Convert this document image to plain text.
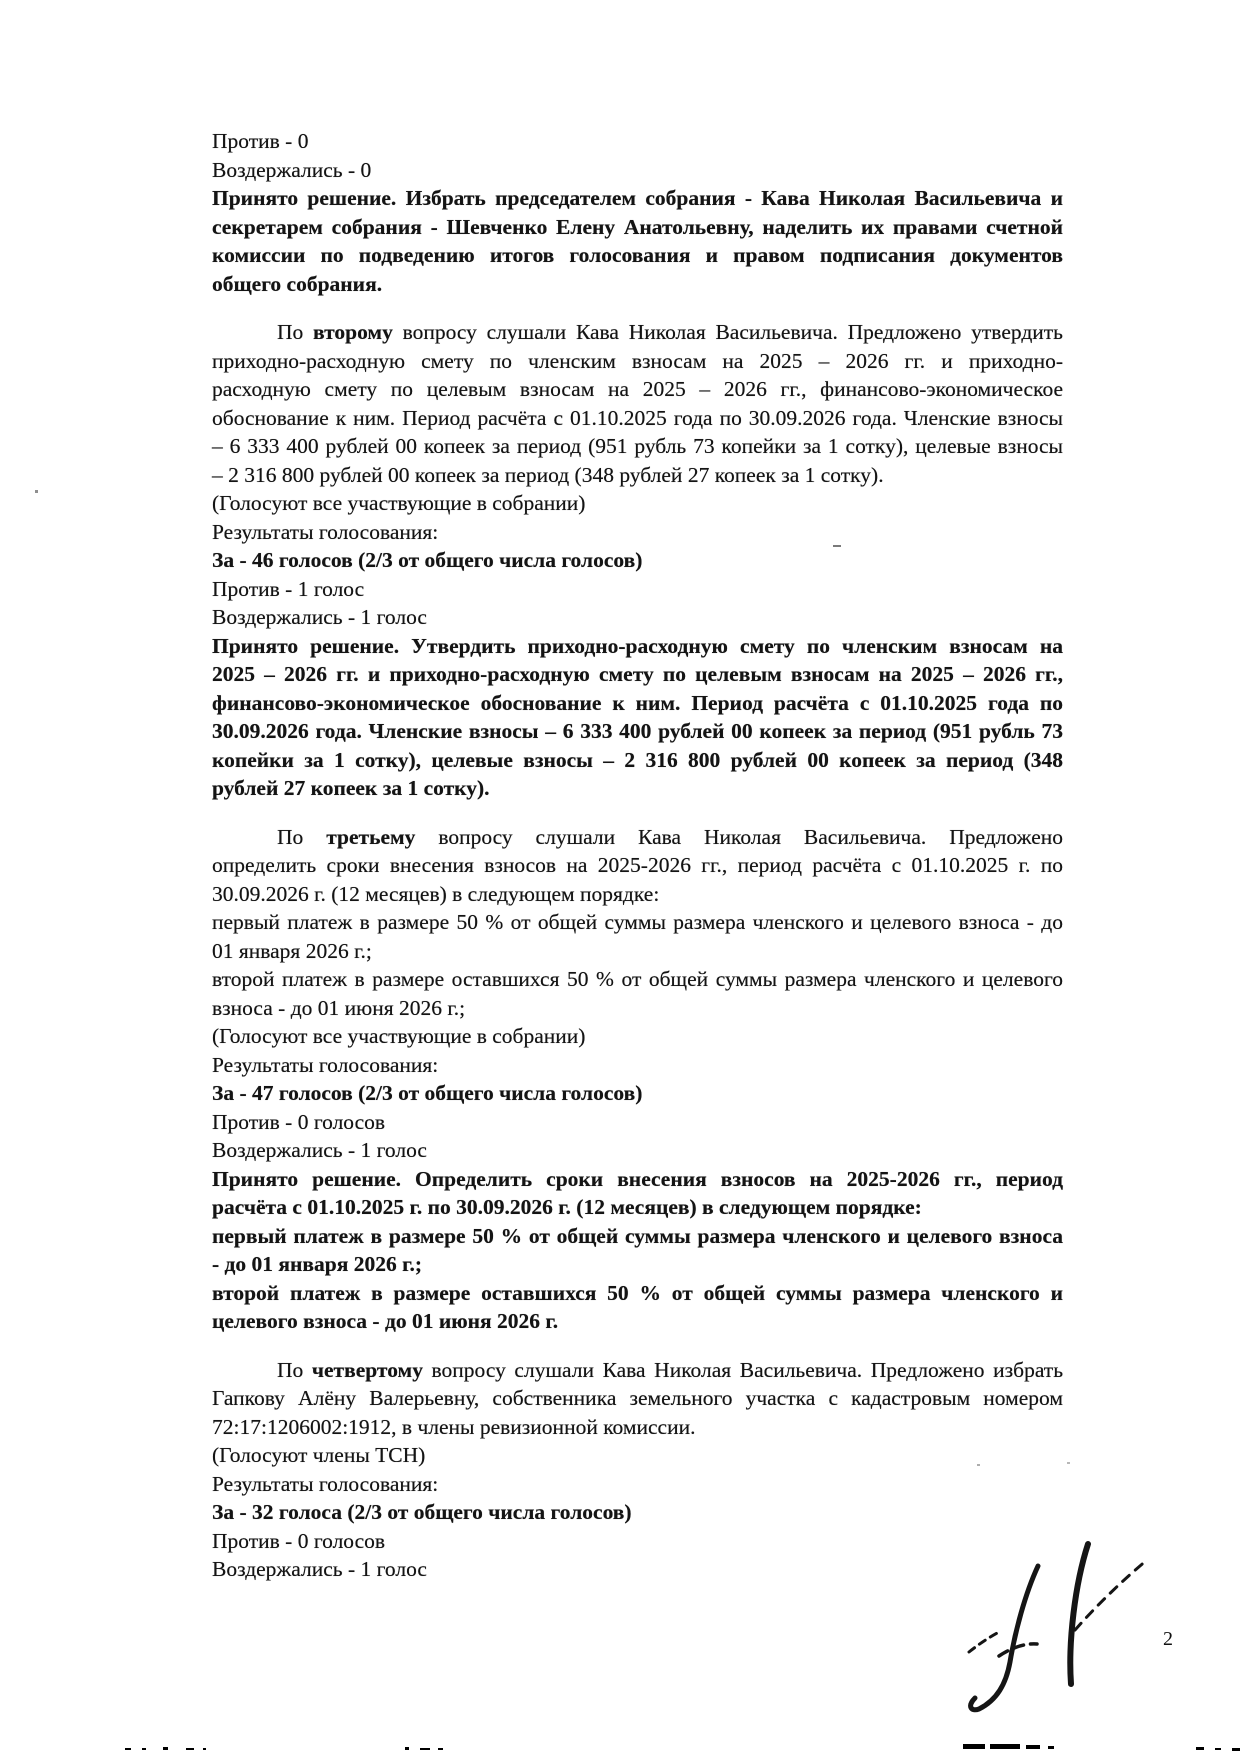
Против - 0
Воздержались - 0
Принято решение. Избрать председателем собрания - Кава Николая Васильевича и
секретарем собрания - Шевченко Елену Анатольевну, наделить их правами счетной
комиссии по подведению итогов голосования и правом подписания документов
общего собрания.
По второму вопросу слушали Кава Николая Васильевича. Предложено утвердить
приходно-расходную смету по членским взносам на 2025 – 2026 гг. и приходно-
расходную смету по целевым взносам на 2025 – 2026 гг., финансово-экономическое
обоснование к ним. Период расчёта с 01.10.2025 года по 30.09.2026 года. Членские взносы
– 6 333 400 рублей 00 копеек за период (951 рубль 73 копейки за 1 сотку), целевые взносы
– 2 316 800 рублей 00 копеек за период (348 рублей 27 копеек за 1 сотку).
(Голосуют все участвующие в собрании)
Результаты голосования:
За - 46 голосов (2/3 от общего числа голосов)
Против - 1 голос
Воздержались - 1 голос
Принято решение. Утвердить приходно-расходную смету по членским взносам на
2025 – 2026 гг. и приходно-расходную смету по целевым взносам на 2025 – 2026 гг.,
финансово-экономическое обоснование к ним. Период расчёта с 01.10.2025 года по
30.09.2026 года. Членские взносы – 6 333 400 рублей 00 копеек за период (951 рубль 73
копейки за 1 сотку), целевые взносы – 2 316 800 рублей 00 копеек за период (348
рублей 27 копеек за 1 сотку).
По третьему вопросу слушали Кава Николая Васильевича. Предложено
определить сроки внесения взносов на 2025-2026 гг., период расчёта с 01.10.2025 г. по
30.09.2026 г. (12 месяцев) в следующем порядке:
первый платеж в размере 50 % от общей суммы размера членского и целевого взноса - до
01 января 2026 г.;
второй платеж в размере оставшихся 50 % от общей суммы размера членского и целевого
взноса - до 01 июня 2026 г.;
(Голосуют все участвующие в собрании)
Результаты голосования:
За - 47 голосов (2/3 от общего числа голосов)
Против - 0 голосов
Воздержались - 1 голос
Принято решение. Определить сроки внесения взносов на 2025-2026 гг., период
расчёта с 01.10.2025 г. по 30.09.2026 г. (12 месяцев) в следующем порядке:
первый платеж в размере 50 % от общей суммы размера членского и целевого взноса
- до 01 января 2026 г.;
второй платеж в размере оставшихся 50 % от общей суммы размера членского и
целевого взноса - до 01 июня 2026 г.
По четвертому вопросу слушали Кава Николая Васильевича. Предложено избрать
Гапкову Алёну Валерьевну, собственника земельного участка с кадастровым номером
72:17:1206002:1912, в члены ревизионной комиссии.
(Голосуют члены ТСН)
Результаты голосования:
За - 32 голоса (2/3 от общего числа голосов)
Против - 0 голосов
Воздержались - 1 голос
2
